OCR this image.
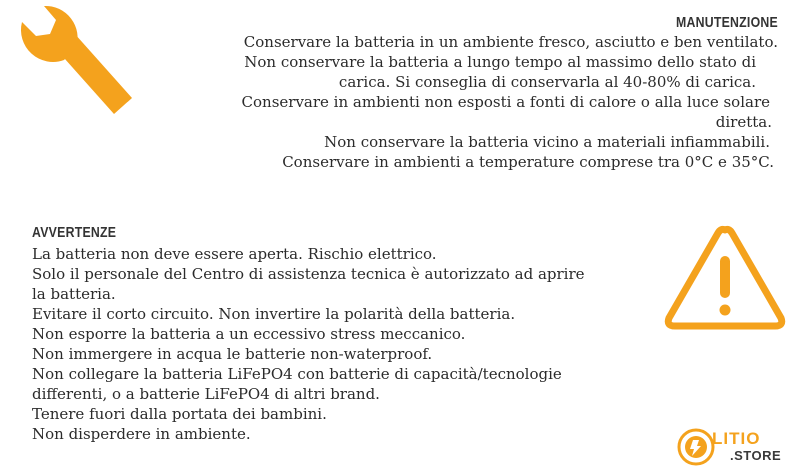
MANUTENZIONE
Conservare la batteria in un ambiente fresco, asciutto e ben ventilato.
Non conservare la batteria a lungo tempo al massimo dello stato di
carica. Si conseglia di conservarla al 40-80% di carica.
Conservare in ambienti non esposti a fonti di calore o alla luce solare
diretta.
Non conservare la batteria vicino a materiali infiammabili.
Conservare in ambienti a temperature comprese tra 0°C e 35°C.
AVVERTENZE
La batteria non deve essere aperta. Rischio elettrico.
Solo il personale del Centro di assistenza tecnica è autorizzato ad aprire
la batteria.
Evitare il corto circuito. Non invertire la polarità della batteria.
Non esporre la batteria a un eccessivo stress meccanico.
Non immergere in acqua le batterie non-waterproof.
Non collegare la batteria LiFePO4 con batterie di capacità/tecnologie
differenti, o a batterie LiFePO4 di altri brand.
Tenere fuori dalla portata dei bambini.
Non disperdere in ambiente.	LITIO
.STORE
